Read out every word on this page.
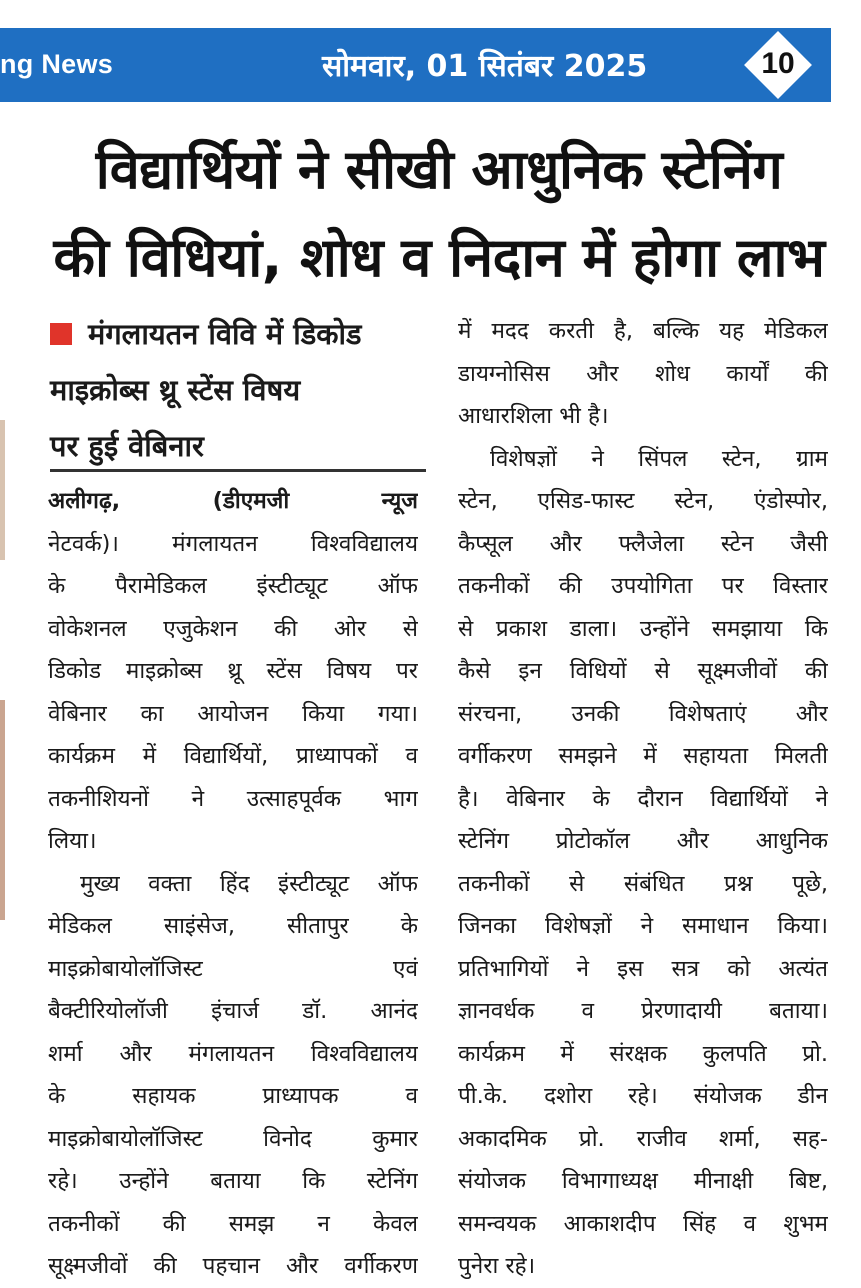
ng News	सोमवार, 01 सितंबर 2025	10
विद्यार्थियों ने सीखी आधुनिक स्टेनिंग
की विधियां, शोध व निदान में होगा लाभ
मंगलायतन विवि में डिकोड
माइक्रोब्स थ्रू स्टेंस विषय
पर हुई वेबिनार
अलीगढ़, (डीएमजी न्यूज
नेटवर्क)। मंगलायतन विश्वविद्यालय
के पैरामेडिकल इंस्टीट्यूट ऑफ
वोकेशनल एजुकेशन की ओर से
डिकोड माइक्रोब्स थ्रू स्टेंस विषय पर
वेबिनार का आयोजन किया गया।
कार्यक्रम में विद्यार्थियों, प्राध्यापकों व
तकनीशियनों ने उत्साहपूर्वक भाग
लिया।
मुख्य वक्ता हिंद इंस्टीट्यूट ऑफ
मेडिकल साइंसेज, सीतापुर के
माइक्रोबायोलॉजिस्ट एवं
बैक्टीरियोलॉजी इंचार्ज डॉ. आनंद
शर्मा और मंगलायतन विश्वविद्यालय
के सहायक प्राध्यापक व
माइक्रोबायोलॉजिस्ट विनोद कुमार
रहे। उन्होंने बताया कि स्टेनिंग
तकनीकों की समझ न केवल
सूक्ष्मजीवों की पहचान और वर्गीकरण
में मदद करती है, बल्कि यह मेडिकल
डायग्नोसिस और शोध कार्यों की
आधारशिला भी है।
विशेषज्ञों ने सिंपल स्टेन, ग्राम
स्टेन, एसिड-फास्ट स्टेन, एंडोस्पोर,
कैप्सूल और फ्लैजेला स्टेन जैसी
तकनीकों की उपयोगिता पर विस्तार
से प्रकाश डाला। उन्होंने समझाया कि
कैसे इन विधियों से सूक्ष्मजीवों की
संरचना, उनकी विशेषताएं और
वर्गीकरण समझने में सहायता मिलती
है। वेबिनार के दौरान विद्यार्थियों ने
स्टेनिंग प्रोटोकॉल और आधुनिक
तकनीकों से संबंधित प्रश्न पूछे,
जिनका विशेषज्ञों ने समाधान किया।
प्रतिभागियों ने इस सत्र को अत्यंत
ज्ञानवर्धक व प्रेरणादायी बताया।
कार्यक्रम में संरक्षक कुलपति प्रो.
पी.के. दशोरा रहे। संयोजक डीन
अकादमिक प्रो. राजीव शर्मा, सह-
संयोजक विभागाध्यक्ष मीनाक्षी बिष्ट,
समन्वयक आकाशदीप सिंह व शुभम
पुनेरा रहे।
